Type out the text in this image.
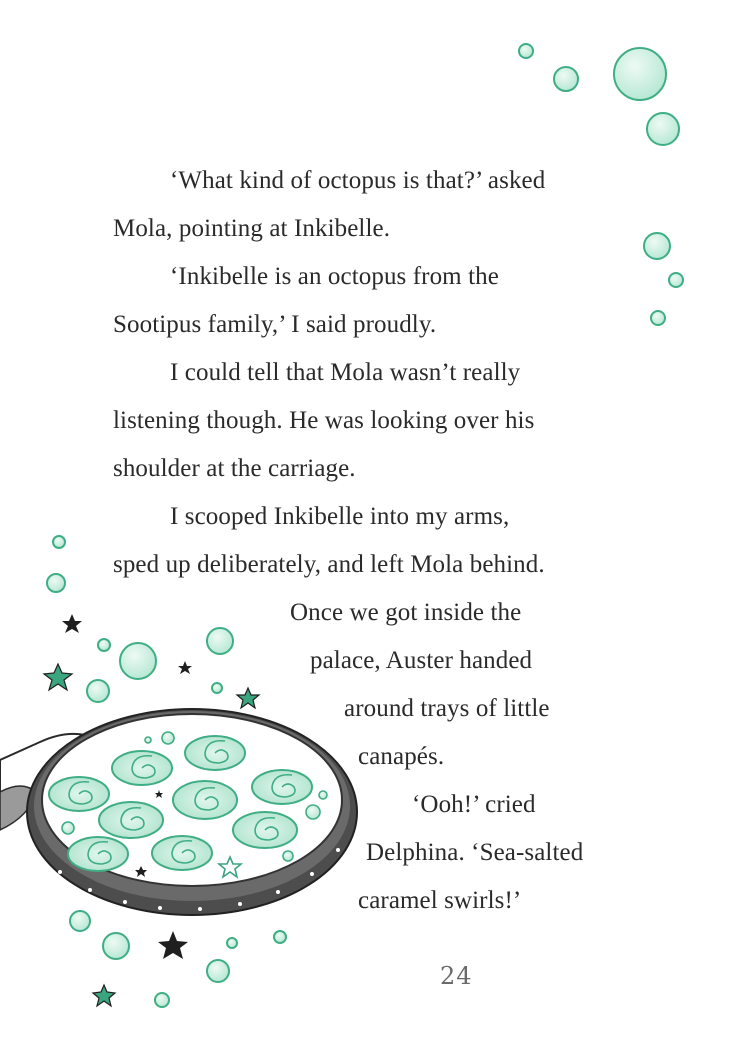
‘What kind of octopus is that?’ asked
Mola, pointing at Inkibelle.
‘Inkibelle is an octopus from the
Sootipus family,’ I said proudly.
I could tell that Mola wasn’t really
listening though. He was looking over his
shoulder at the carriage.
I scooped Inkibelle into my arms,
sped up deliberately, and left Mola behind.
Once we got inside the
palace, Auster handed
around trays of little
canapés.
‘Ooh!’ cried
Delphina. ‘Sea-salted
caramel swirls!’
24
